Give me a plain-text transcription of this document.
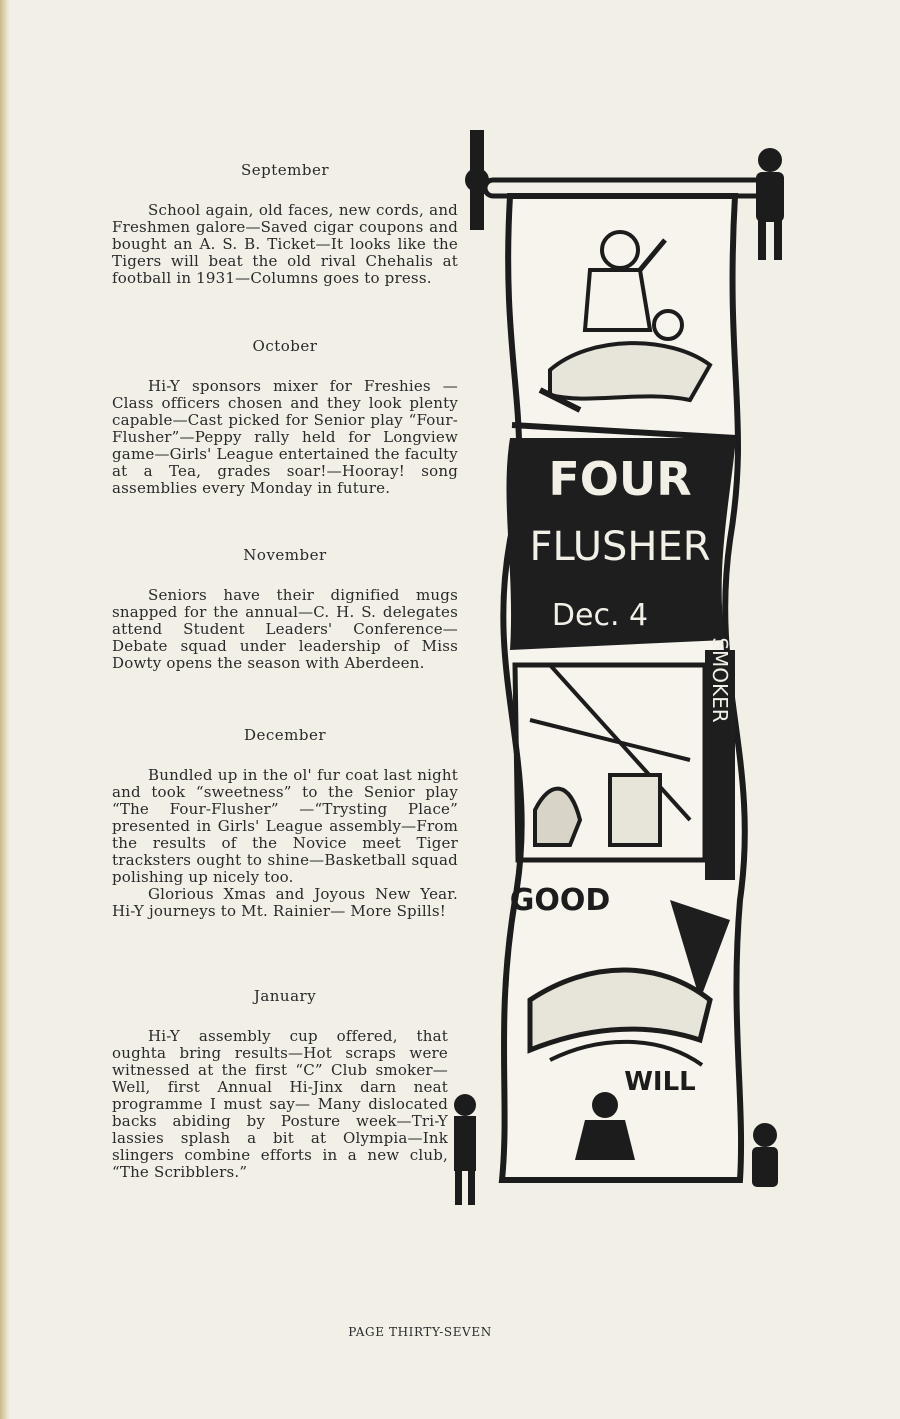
September

School again, old faces, new cords, and Freshmen galore—Saved cigar coupons and bought an A. S. B. Ticket—It looks like the Tigers will beat the old rival Chehalis at football in 1931—Columns goes to press.

October

Hi-Y sponsors mixer for Freshies —Class officers chosen and they look plenty capable—Cast picked for Senior play “Four-Flusher”—Peppy rally held for Longview game—Girls' League entertained the faculty at a Tea, grades soar!—Hooray! song assemblies every Monday in future.

November

Seniors have their dignified mugs snapped for the annual—C. H. S. delegates attend Student Leaders' Conference—Debate squad under leadership of Miss Dowty opens the season with Aberdeen.

December

Bundled up in the ol' fur coat last night and took “sweetness” to the Senior play “The Four-Flusher” —“Trysting Place” presented in Girls' League assembly—From the results of the Novice meet Tiger tracksters ought to shine—Basketball squad polishing up nicely too.

Glorious Xmas and Joyous New Year. Hi-Y journeys to Mt. Rainier— More Spills!

January

Hi-Y assembly cup offered, that oughta bring results—Hot scraps were witnessed at the first “C” Club smoker—Well, first Annual Hi-Jinx darn neat programme I must say— Many dislocated backs abiding by Posture week—Tri-Y lassies splash a bit at Olympia—Ink slingers combine efforts in a new club, “The Scribblers.”

FOUR
FLUSHER
Dec. 4
SMOKER
GOOD
WILL
PAGE THIRTY-SEVEN
